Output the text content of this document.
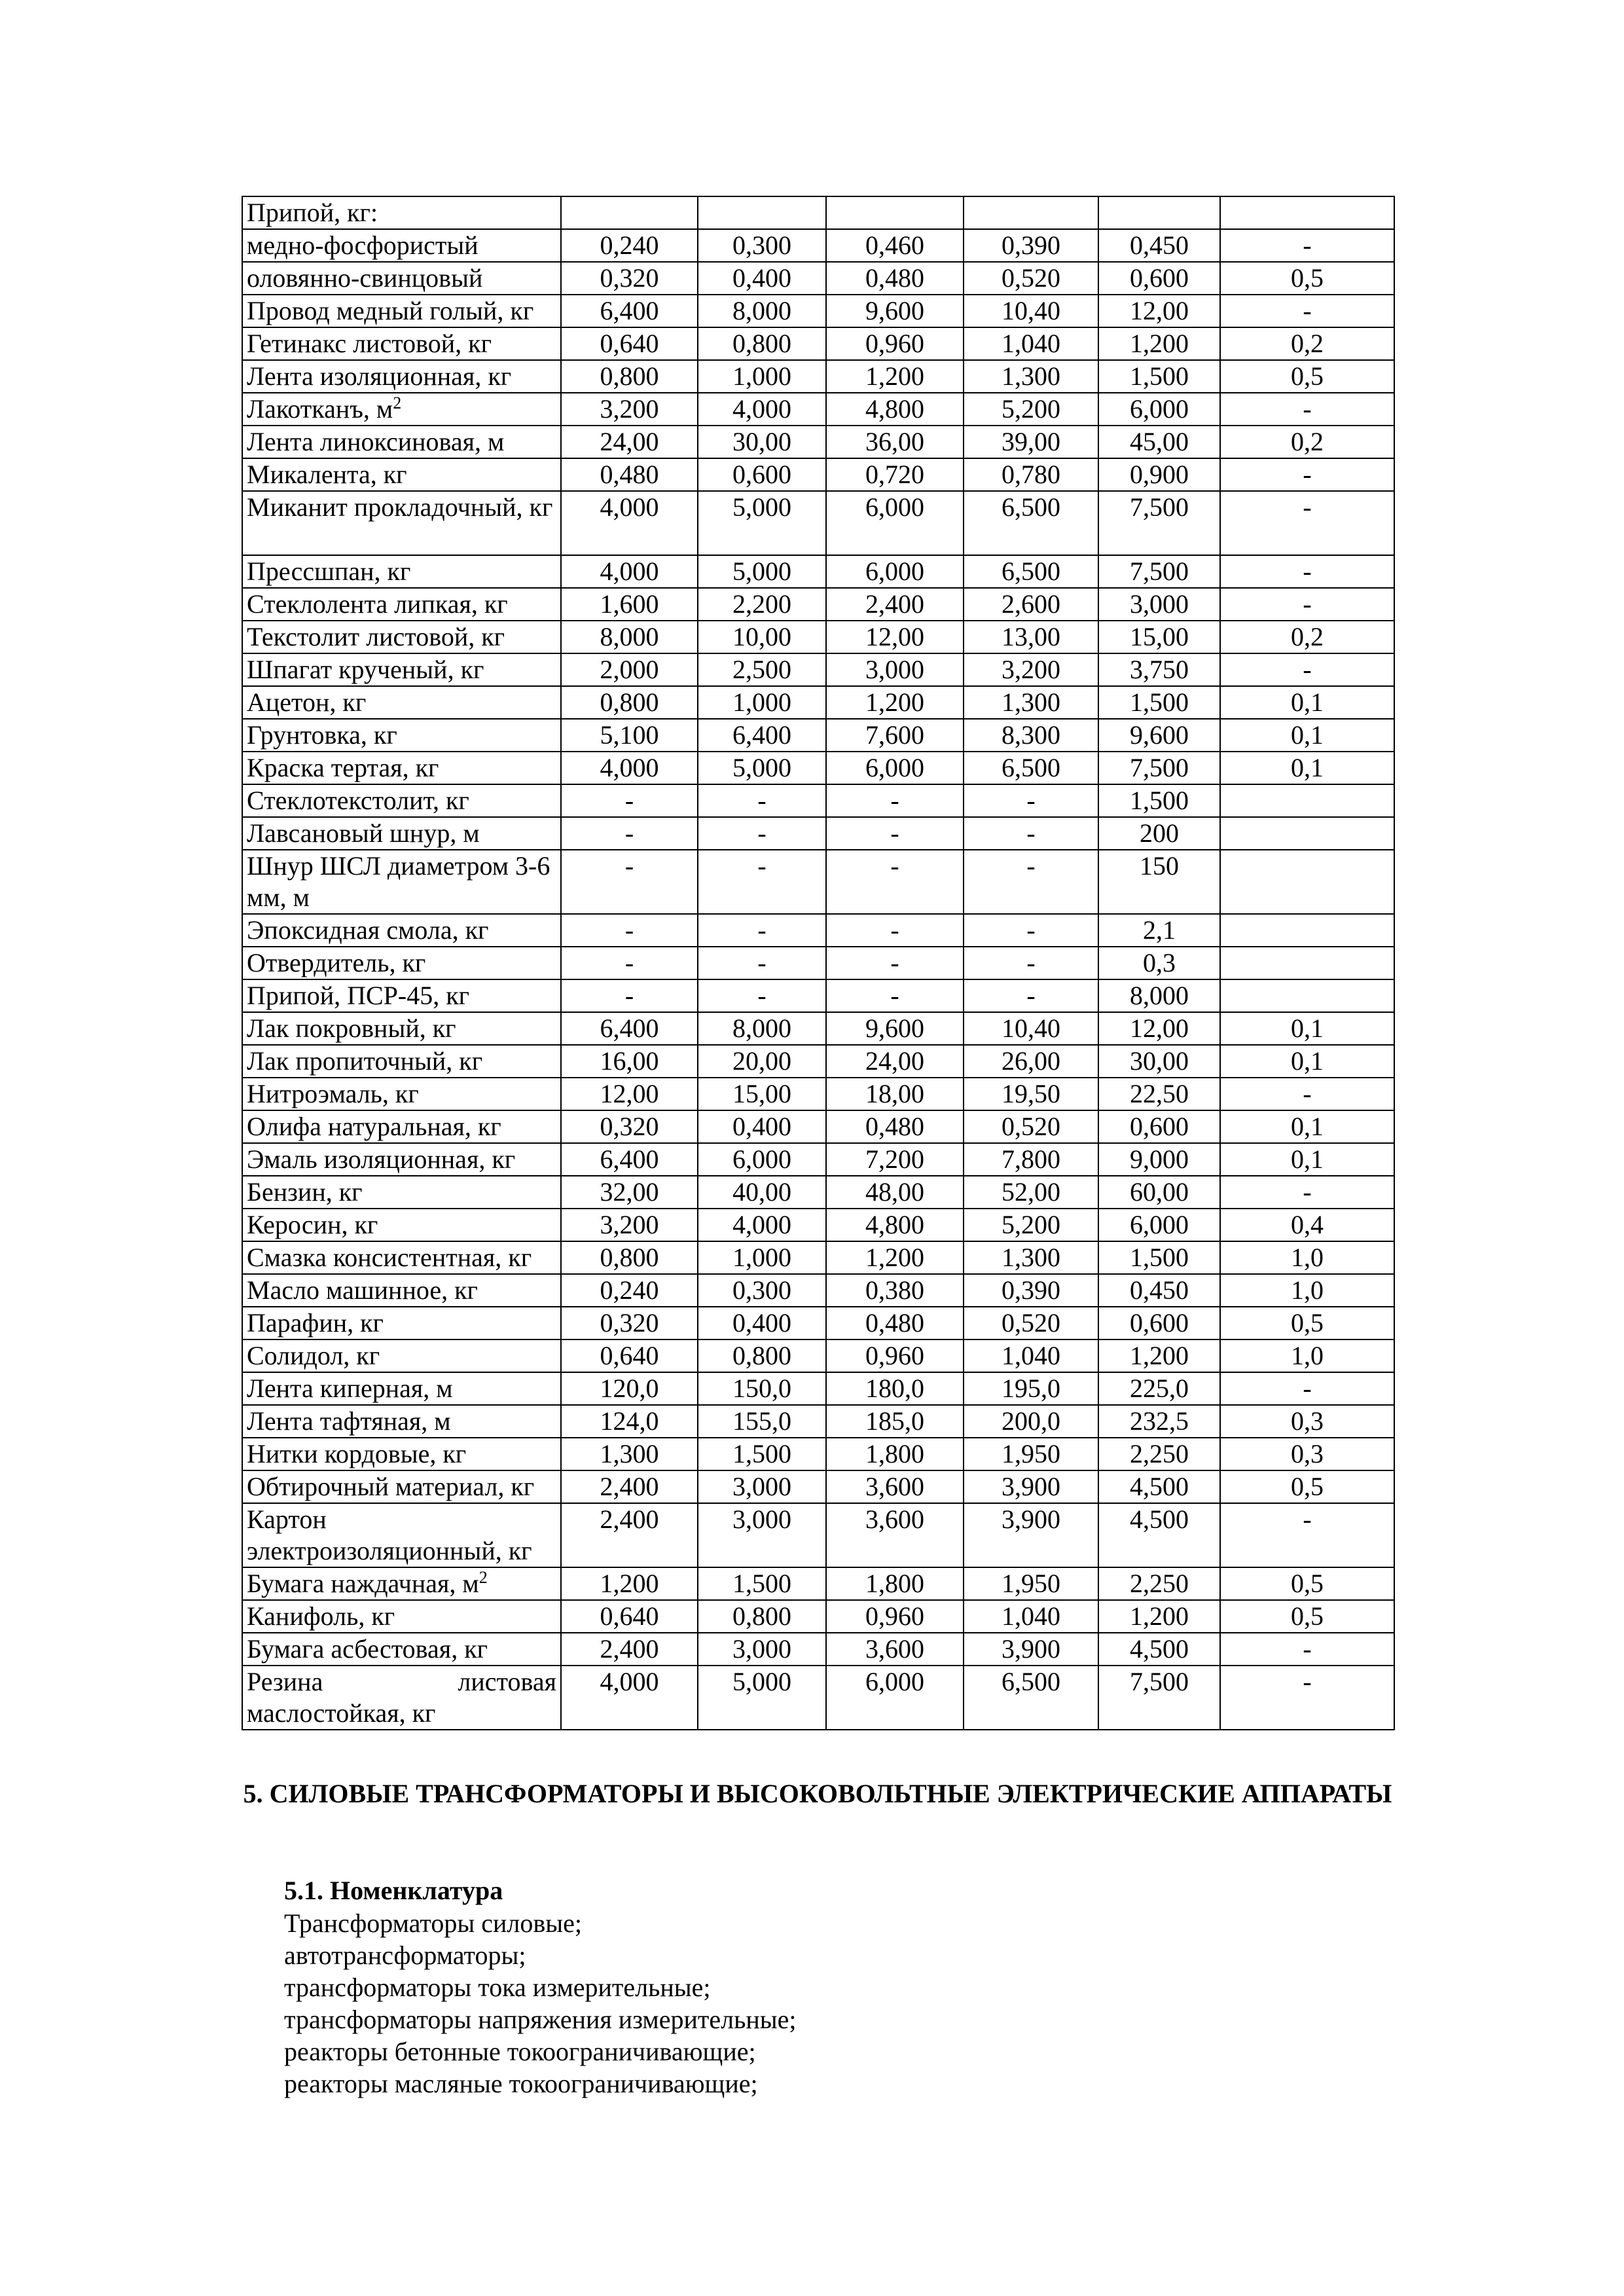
Припой, кг:						
медно-фосфористый	0,240	0,300	0,460	0,390	0,450	-
оловянно-свинцовый	0,320	0,400	0,480	0,520	0,600	0,5
Провод медный голый, кг	6,400	8,000	9,600	10,40	12,00	-
Гетинакс листовой, кг	0,640	0,800	0,960	1,040	1,200	0,2
Лента изоляционная, кг	0,800	1,000	1,200	1,300	1,500	0,5
Лакотканъ, $м^2$	3,200	4,000	4,800	5,200	6,000	-
Лента линоксиновая, м	24,00	30,00	36,00	39,00	45,00	0,2
Микалента, кг	0,480	0,600	0,720	0,780	0,900	-
Миканит прокладочный, кг	4,000	5,000	6,000	6,500	7,500	-
Прессшпан, кг	4,000	5,000	6,000	6,500	7,500	-
Стеклолента липкая, кг	1,600	2,200	2,400	2,600	3,000	-
Текстолит листовой, кг	8,000	10,00	12,00	13,00	15,00	0,2
Шпагат крученый, кг	2,000	2,500	3,000	3,200	3,750	-
Ацетон, кг	0,800	1,000	1,200	1,300	1,500	0,1
Грунтовка, кг	5,100	6,400	7,600	8,300	9,600	0,1
Краска тертая, кг	4,000	5,000	6,000	6,500	7,500	0,1
Стеклотекстолит, кг	-	-	-	-	1,500	
Лавсановый шнур, м	-	-	-	-	200	
Шнур ШСЛ диаметром 3-6 мм, м	-	-	-	-	150	
Эпоксидная смола, кг	-	-	-	-	2,1	
Отвердитель, кг	-	-	-	-	0,3	
Припой, ПСР-45, кг	-	-	-	-	8,000	
Лак покровный, кг	6,400	8,000	9,600	10,40	12,00	0,1
Лак пропиточный, кг	16,00	20,00	24,00	26,00	30,00	0,1
Нитроэмаль, кг	12,00	15,00	18,00	19,50	22,50	-
Олифа натуральная, кг	0,320	0,400	0,480	0,520	0,600	0,1
Эмаль изоляционная, кг	6,400	6,000	7,200	7,800	9,000	0,1
Бензин, кг	32,00	40,00	48,00	52,00	60,00	-
Керосин, кг	3,200	4,000	4,800	5,200	6,000	0,4
Смазка консистентная, кг	0,800	1,000	1,200	1,300	1,500	1,0
Масло машинное, кг	0,240	0,300	0,380	0,390	0,450	1,0
Парафин, кг	0,320	0,400	0,480	0,520	0,600	0,5
Солидол, кг	0,640	0,800	0,960	1,040	1,200	1,0
Лента киперная, м	120,0	150,0	180,0	195,0	225,0	-
Лента тафтяная, м	124,0	155,0	185,0	200,0	232,5	0,3
Нитки кордовые, кг	1,300	1,500	1,800	1,950	2,250	0,3
Обтирочный материал, кг	2,400	3,000	3,600	3,900	4,500	0,5
Картон электроизоляционный, кг	2,400	3,000	3,600	3,900	4,500	-
Бумага наждачная, $м^2$	1,200	1,500	1,800	1,950	2,250	0,5
Канифоль, кг	0,640	0,800	0,960	1,040	1,200	0,5
Бумага асбестовая, кг	2,400	3,000	3,600	3,900	4,500	-
Резина листовая маслостойкая, кг	4,000	5,000	6,000	6,500	7,500	-
5. СИЛОВЫЕ ТРАНСФОРМАТОРЫ И ВЫСОКОВОЛЬТНЫЕ ЭЛЕКТРИЧЕСКИЕ АППАРАТЫ
5.1. Номенклатура
Трансформаторы силовые;
автотрансформаторы;
трансформаторы тока измерительные;
трансформаторы напряжения измерительные;
реакторы бетонные токоограничивающие;
реакторы масляные токоограничивающие;
